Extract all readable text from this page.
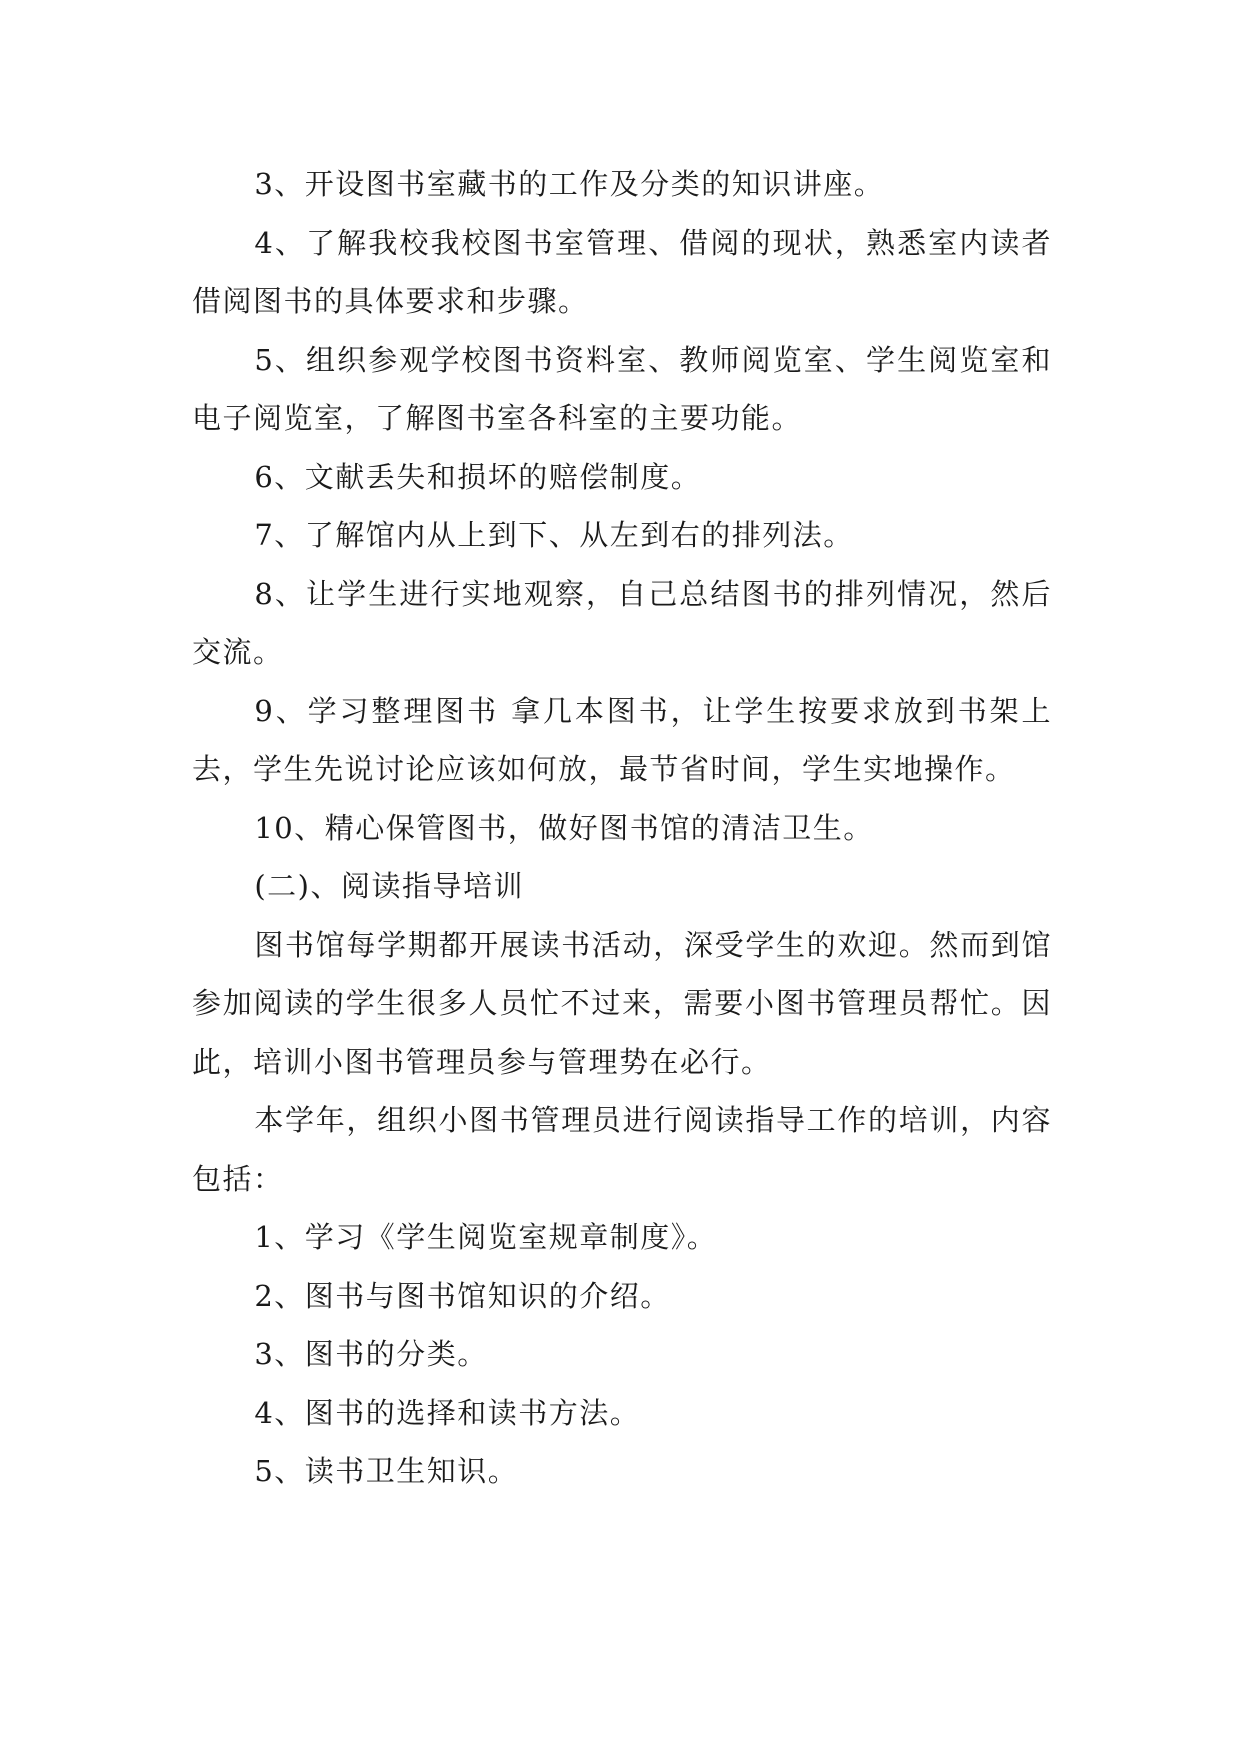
3、开设图书室藏书的工作及分类的知识讲座。

4、了解我校我校图书室管理、借阅的现状，熟悉室内读者借阅图书的具体要求和步骤。

5、组织参观学校图书资料室、教师阅览室、学生阅览室和电子阅览室，了解图书室各科室的主要功能。

6、文献丢失和损坏的赔偿制度。

7、了解馆内从上到下、从左到右的排列法。

8、让学生进行实地观察，自己总结图书的排列情况，然后交流。

9、学习整理图书 拿几本图书，让学生按要求放到书架上去，学生先说讨论应该如何放，最节省时间，学生实地操作。

10、精心保管图书，做好图书馆的清洁卫生。

(二)、阅读指导培训

图书馆每学期都开展读书活动，深受学生的欢迎。然而到馆参加阅读的学生很多人员忙不过来，需要小图书管理员帮忙。因此，培训小图书管理员参与管理势在必行。

本学年，组织小图书管理员进行阅读指导工作的培训，内容包括：

1、学习《学生阅览室规章制度》。

2、图书与图书馆知识的介绍。

3、图书的分类。

4、图书的选择和读书方法。

5、读书卫生知识。
